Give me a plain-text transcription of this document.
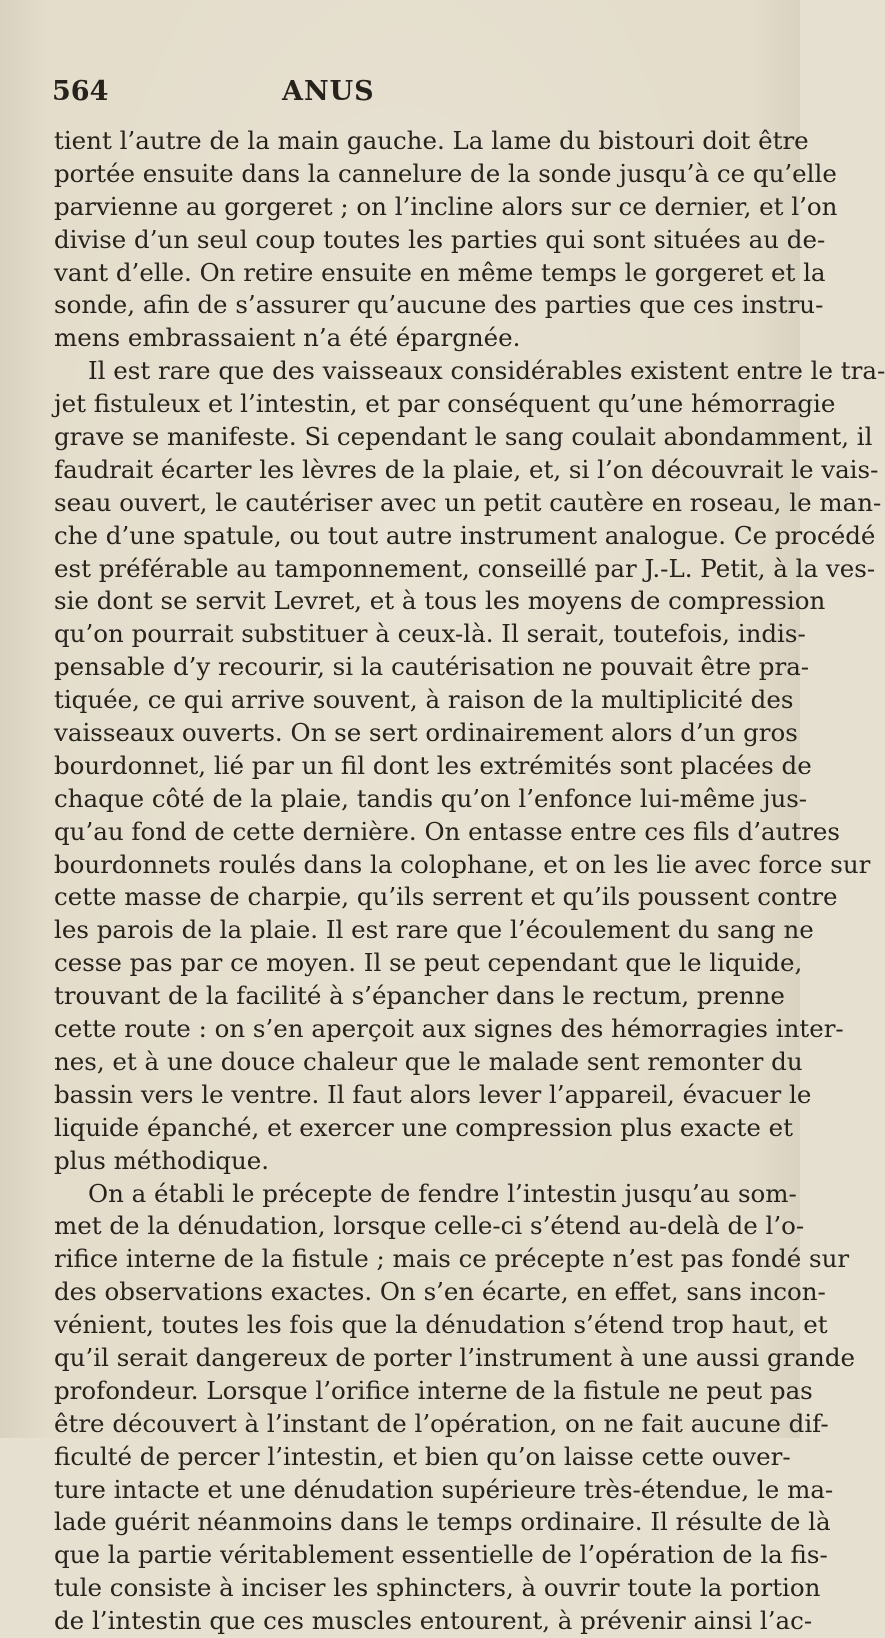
564	ANUS
tient l’autre de la main gauche. La lame du bistouri doit être
portée ensuite dans la cannelure de la sonde jusqu’à ce qu’elle
parvienne au gorgeret ; on l’incline alors sur ce dernier, et l’on
divise d’un seul coup toutes les parties qui sont situées au de-
vant d’elle. On retire ensuite en même temps le gorgeret et la
sonde, afin de s’assurer qu’aucune des parties que ces instru-
mens embrassaient n’a été épargnée.
Il est rare que des vaisseaux considérables existent entre le tra-
jet fistuleux et l’intestin, et par conséquent qu’une hémorragie
grave se manifeste. Si cependant le sang coulait abondamment, il
faudrait écarter les lèvres de la plaie, et, si l’on découvrait le vais-
seau ouvert, le cautériser avec un petit cautère en roseau, le man-
che d’une spatule, ou tout autre instrument analogue. Ce procédé
est préférable au tamponnement, conseillé par J.-L. Petit, à la ves-
sie dont se servit Levret, et à tous les moyens de compression
qu’on pourrait substituer à ceux-là. Il serait, toutefois, indis-
pensable d’y recourir, si la cautérisation ne pouvait être pra-
tiquée, ce qui arrive souvent, à raison de la multiplicité des
vaisseaux ouverts. On se sert ordinairement alors d’un gros
bourdonnet, lié par un fil dont les extrémités sont placées de
chaque côté de la plaie, tandis qu’on l’enfonce lui-même jus-
qu’au fond de cette dernière. On entasse entre ces fils d’autres
bourdonnets roulés dans la colophane, et on les lie avec force sur
cette masse de charpie, qu’ils serrent et qu’ils poussent contre
les parois de la plaie. Il est rare que l’écoulement du sang ne
cesse pas par ce moyen. Il se peut cependant que le liquide,
trouvant de la facilité à s’épancher dans le rectum, prenne
cette route : on s’en aperçoit aux signes des hémorragies inter-
nes, et à une douce chaleur que le malade sent remonter du
bassin vers le ventre. Il faut alors lever l’appareil, évacuer le
liquide épanché, et exercer une compression plus exacte et
plus méthodique.
On a établi le précepte de fendre l’intestin jusqu’au som-
met de la dénudation, lorsque celle-ci s’étend au-delà de l’o-
rifice interne de la fistule ; mais ce précepte n’est pas fondé sur
des observations exactes. On s’en écarte, en effet, sans incon-
vénient, toutes les fois que la dénudation s’étend trop haut, et
qu’il serait dangereux de porter l’instrument à une aussi grande
profondeur. Lorsque l’orifice interne de la fistule ne peut pas
être découvert à l’instant de l’opération, on ne fait aucune dif-
ficulté de percer l’intestin, et bien qu’on laisse cette ouver-
ture intacte et une dénudation supérieure très-étendue, le ma-
lade guérit néanmoins dans le temps ordinaire. Il résulte de là
que la partie véritablement essentielle de l’opération de la fis-
tule consiste à inciser les sphincters, à ouvrir toute la portion
de l’intestin que ces muscles entourent, à prévenir ainsi l’ac-
